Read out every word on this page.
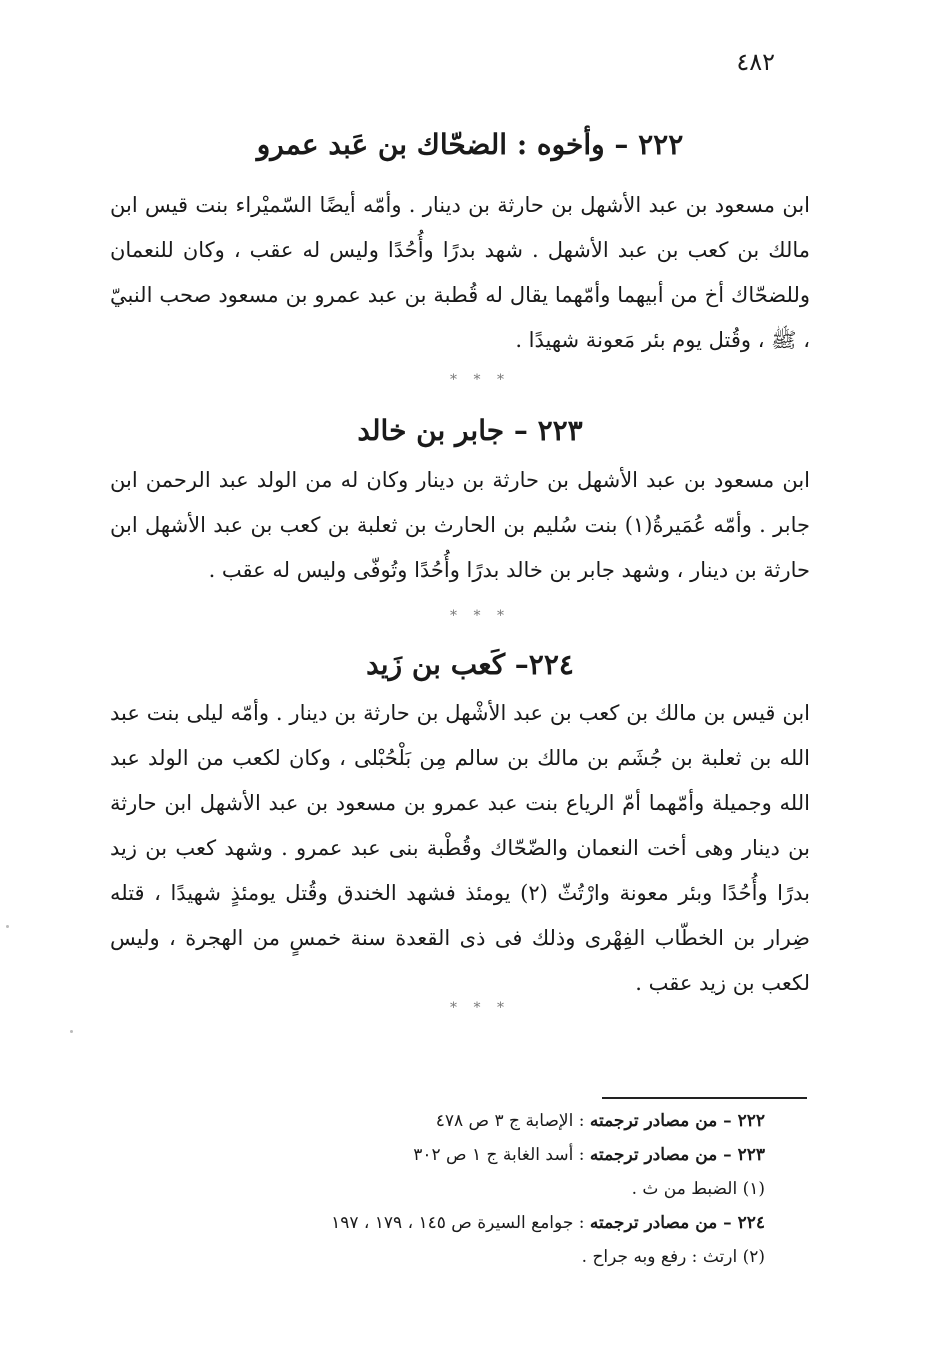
٤٨٢
٢٢٢ – وأخوه : الضحّاك بن عَبد عمرو
ابن مسعود بن عبد الأشهل بن حارثة بن دينار . وأمّه أيضًا السّميْراء بنت قيس ابن مالك بن كعب بن عبد الأشهل . شهد بدرًا وأُحُدًا وليس له عقب ، وكان للنعمان وللضحّاك أخ من أبيهما وأمّهما يقال له قُطبة بن عبد عمرو بن مسعود صحب النبيّ ، ﷺ ، وقُتل يوم بئر مَعونة شهيدًا .
* * *
٢٢٣ – جابر بن خالد
ابن مسعود بن عبد الأشهل بن حارثة بن دينار وكان له من الولد عبد الرحمن ابن جابر . وأمّه عُمَيرةُ(١) بنت سُليم بن الحارث بن ثعلبة بن كعب بن عبد الأشهل ابن حارثة بن دينار ، وشهد جابر بن خالد بدرًا وأُحُدًا وتُوفّى وليس له عقب .
* * *
٢٢٤– كَعب بن زَيد
ابن قيس بن مالك بن كعب بن عبد الأشْهل بن حارثة بن دينار . وأمّه ليلى بنت عبد الله بن ثعلبة بن جُشَم بن مالك بن سالم مِن بَلْحُبْلى ، وكان لكعب من الولد عبد الله وجميلة وأمّهما أمّ الرياع بنت عبد عمرو بن مسعود بن عبد الأشهل ابن حارثة بن دينار وهى أخت النعمان والضّحّاك وقُطْبة بنى عبد عمرو . وشهد كعب بن زيد بدرًا وأُحُدًا وبئر معونة وارْتُثّ (٢) يومئذ فشهد الخندق وقُتل يومئذٍ شهيدًا ، قتله ضِرار بن الخطّاب الفِهْرى وذلك فى ذى القعدة سنة خمسٍ من الهجرة ، وليس لكعب بن زيد عقب .
* * *
٢٢٢ – من مصادر ترجمته : الإصابة ج ٣ ص ٤٧٨
٢٢٣ – من مصادر ترجمته : أسد الغابة ج ١ ص ٣٠٢
(١) الضبط من ث .
٢٢٤ – من مصادر ترجمته : جوامع السيرة ص ١٤٥ ، ١٧٩ ، ١٩٧
(٢) ارتث : رفع وبه جراح .
